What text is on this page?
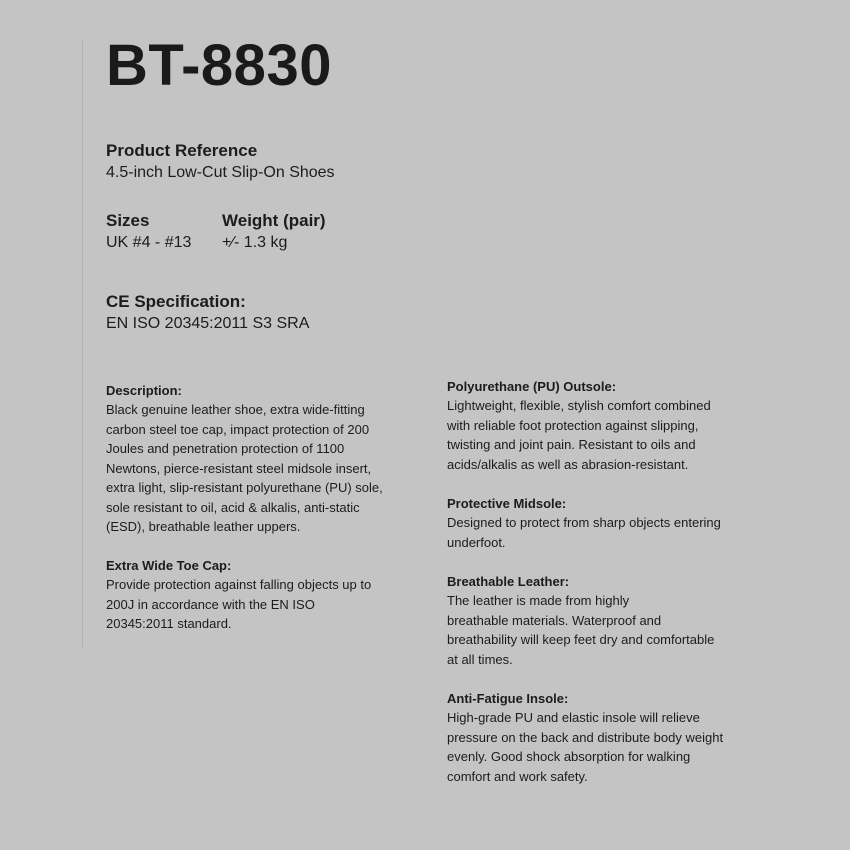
BT-8830
Product Reference
4.5-inch Low-Cut Slip-On Shoes
Sizes
UK #4 - #13
Weight (pair)
+⁄- 1.3 kg
CE Specification:
EN ISO 20345:2011 S3 SRA
Description:
Black genuine leather shoe, extra wide-fitting
carbon steel toe cap, impact protection of 200
Joules and penetration protection of 1100
Newtons, pierce-resistant steel midsole insert,
extra light, slip-resistant polyurethane (PU) sole,
sole resistant to oil, acid & alkalis, anti-static
(ESD), breathable leather uppers.
Extra Wide Toe Cap:
Provide protection against falling objects up to
200J in accordance with the EN ISO
20345:2011 standard.
Polyurethane (PU) Outsole:
Lightweight, flexible, stylish comfort combined
with reliable foot protection against slipping,
twisting and joint pain. Resistant to oils and
acids/alkalis as well as abrasion-resistant.
Protective Midsole:
Designed to protect from sharp objects entering
underfoot.
Breathable Leather:
The leather is made from highly
breathable materials. Waterproof and
breathability will keep feet dry and comfortable
at all times.
Anti-Fatigue Insole:
High-grade PU and elastic insole will relieve
pressure on the back and distribute body weight
evenly. Good shock absorption for walking
comfort and work safety.
